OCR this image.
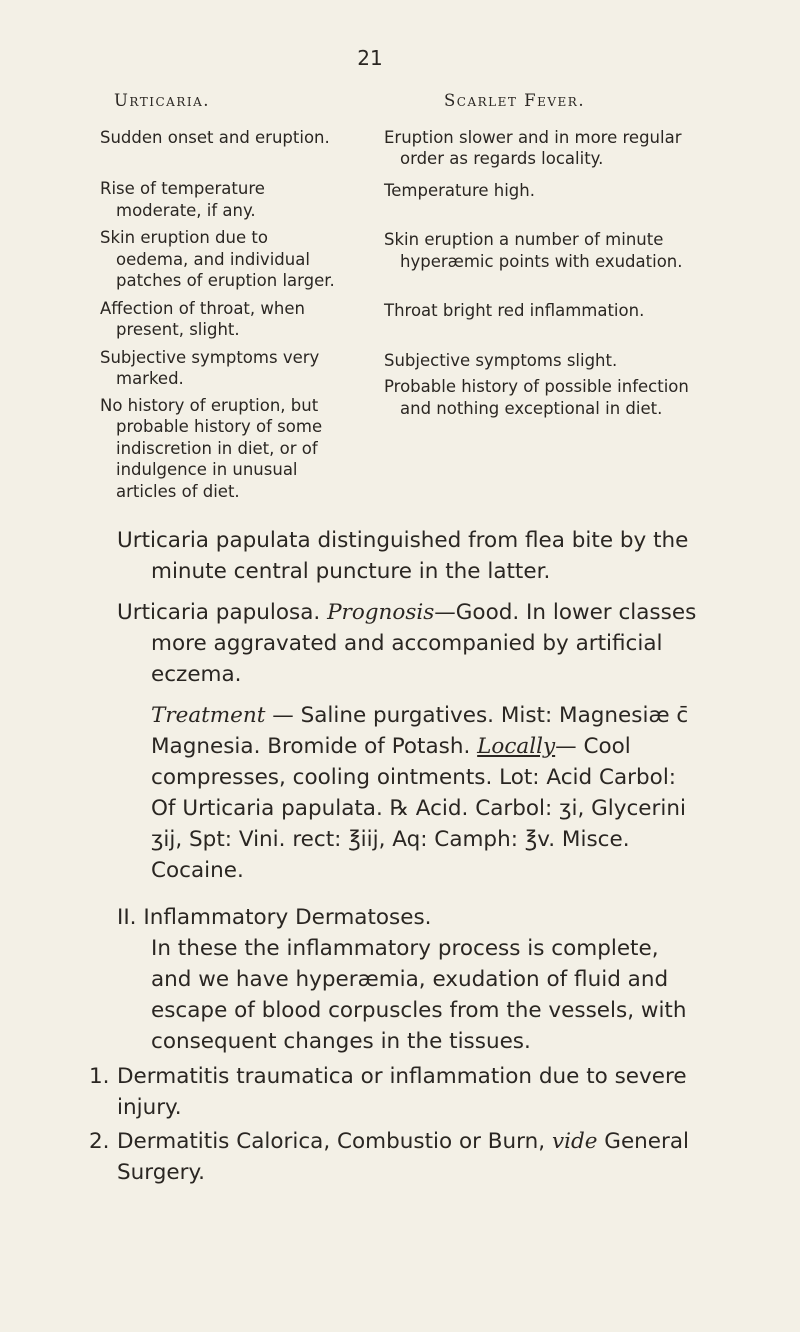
21
Urticaria.
Sudden onset and eruption.
Rise of temperature moderate, if any.
Skin eruption due to oedema, and individual patches of eruption larger.
Affection of throat, when present, slight.
Subjective symptoms very marked.
No history of eruption, but probable history of some indiscretion in diet, or of indulgence in unusual articles of diet.
Scarlet Fever.
Eruption slower and in more regular order as regards locality.
Temperature high.
Skin eruption a number of minute hyperæmic points with exudation.
Throat bright red inflammation.
Subjective symptoms slight.
Probable history of possible infection and nothing exceptional in diet.

Urticaria papulata distinguished from flea bite by the minute central puncture in the latter.

Urticaria papulosa. Prognosis—Good. In lower classes more aggravated and accompanied by artificial eczema.

Treatment — Saline purgatives. Mist: Magnesiæ c̄ Magnesia. Bromide of Potash. Locally— Cool compresses, cooling ointments. Lot: Acid Carbol: Of Urticaria papulata. ℞ Acid. Carbol: ʒi, Glycerini ʒij, Spt: Vini. rect: ℥iij, Aq: Camph: ℥v. Misce. Cocaine.

II. Inflammatory Dermatoses.
In these the inflammatory process is complete, and we have hyperæmia, exudation of fluid and escape of blood corpuscles from the vessels, with consequent changes in the tissues.
1. Dermatitis traumatica or inflammation due to severe injury.
2. Dermatitis Calorica, Combustio or Burn, vide General Surgery.
